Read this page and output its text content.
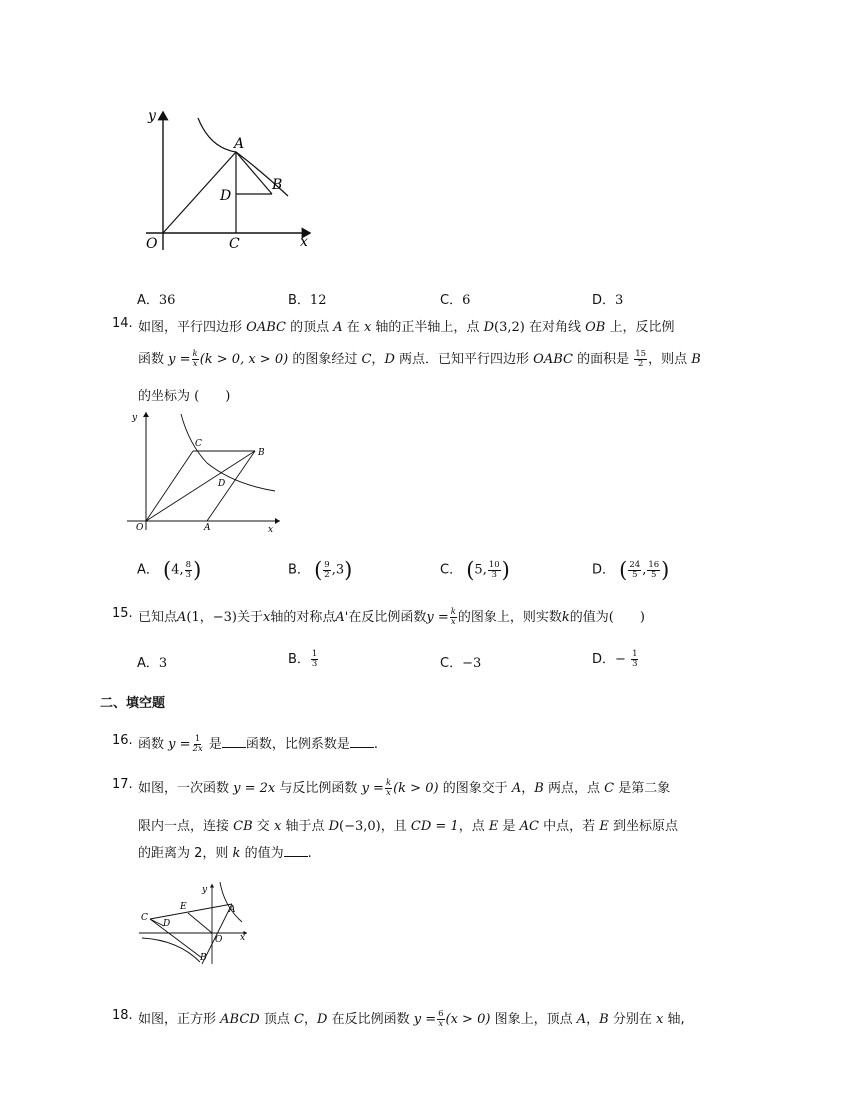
y
A
B
D
O	C	x
A．36	B．12	C．6	D．3
14. 如图，平行四边形 OABC 的顶点 A 在 x 轴的正半轴上，点 D(3,2) 在对角线 OB 上，反比例
函数 $y = \frac{k}{x} (k > 0$, x > 0) 的图象经过 C，D 两点．已知平行四边形 OABC 的面积是 $\frac{15}{2}$ ，则点 B
的坐标为 (　　)
y
C
B
D
O	A	x
A． (4, $\frac{8}{3}$ )	B． ( $\frac{9}{2} ,3$)	C． (5, $\frac{10}{3}$ )	D． ( $\frac{24}{5}$ , $\frac{16}{5}$ )
15. 已知点A(1，−3)关于x轴的对称点A'在反比例函数$y = \frac{k}{x}$ 的图象上，则实数k的值为(　　)
A．3	B． $\frac{1}{3}$	C．−3	D．− $\frac{1}{3}$
二、填空题
16. 函数 $y = \frac{1}{2x}$ 是 函数，比例系数是 .
17. 如图，一次函数 y = 2x 与反比例函数 $y = \frac{k}{x} (k > 0)$ 的图象交于 A，B 两点，点 C 是第二象
限内一点，连接 CB 交 x 轴于点 D(−3,0)，且 CD = 1，点 E 是 AC 中点，若 E 到坐标原点
的距离为 2，则 k 的值为 .
y
A
E
C
D
O x
B
18. 如图，正方形 ABCD 顶点 C，D 在反比例函数 $y = \frac{6}{x} (x > 0)$ 图象上，顶点 A，B 分别在 x 轴,
